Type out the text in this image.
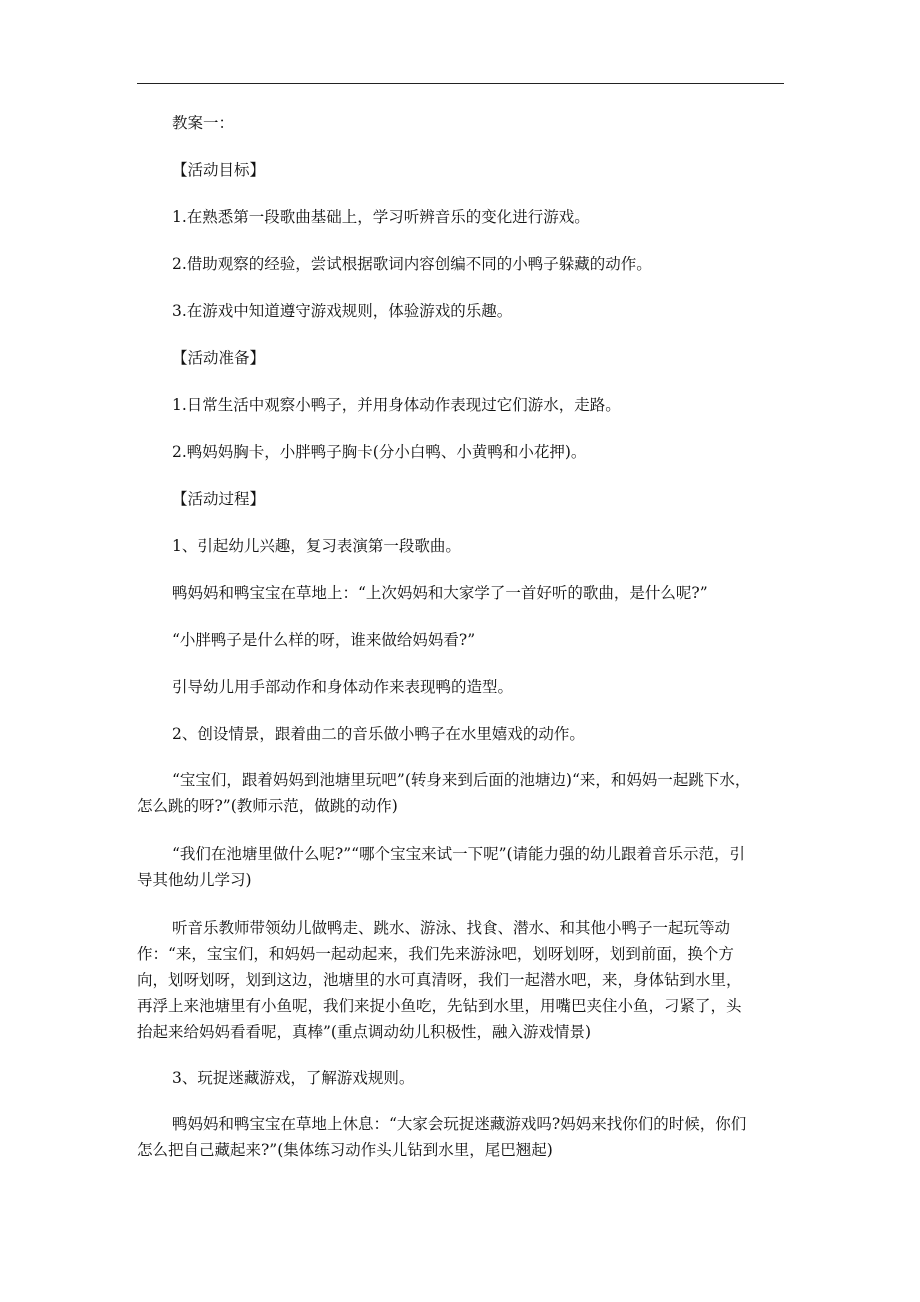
教案一：

【活动目标】

1.在熟悉第一段歌曲基础上，学习听辨音乐的变化进行游戏。

2.借助观察的经验，尝试根据歌词内容创编不同的小鸭子躲藏的动作。

3.在游戏中知道遵守游戏规则，体验游戏的乐趣。

【活动准备】

1.日常生活中观察小鸭子，并用身体动作表现过它们游水，走路。

2.鸭妈妈胸卡，小胖鸭子胸卡(分小白鸭、小黄鸭和小花押)。

【活动过程】

1、引起幼儿兴趣，复习表演第一段歌曲。

鸭妈妈和鸭宝宝在草地上：“上次妈妈和大家学了一首好听的歌曲，是什么呢?”

“小胖鸭子是什么样的呀，谁来做给妈妈看?”

引导幼儿用手部动作和身体动作来表现鸭的造型。

2、创设情景，跟着曲二的音乐做小鸭子在水里嬉戏的动作。

“宝宝们，跟着妈妈到池塘里玩吧”(转身来到后面的池塘边)“来，和妈妈一起跳下水，怎么跳的呀?”(教师示范，做跳的动作)

“我们在池塘里做什么呢?”“哪个宝宝来试一下呢”(请能力强的幼儿跟着音乐示范，引导其他幼儿学习)

听音乐教师带领幼儿做鸭走、跳水、游泳、找食、潜水、和其他小鸭子一起玩等动作：“来，宝宝们，和妈妈一起动起来，我们先来游泳吧，划呀划呀，划到前面，换个方向，划呀划呀，划到这边，池塘里的水可真清呀，我们一起潜水吧，来，身体钻到水里，再浮上来池塘里有小鱼呢，我们来捉小鱼吃，先钻到水里，用嘴巴夹住小鱼，刁紧了，头抬起来给妈妈看看呢，真棒”(重点调动幼儿积极性，融入游戏情景)

3、玩捉迷藏游戏，了解游戏规则。

鸭妈妈和鸭宝宝在草地上休息：“大家会玩捉迷藏游戏吗?妈妈来找你们的时候，你们怎么把自己藏起来?”(集体练习动作头儿钻到水里，尾巴翘起)
